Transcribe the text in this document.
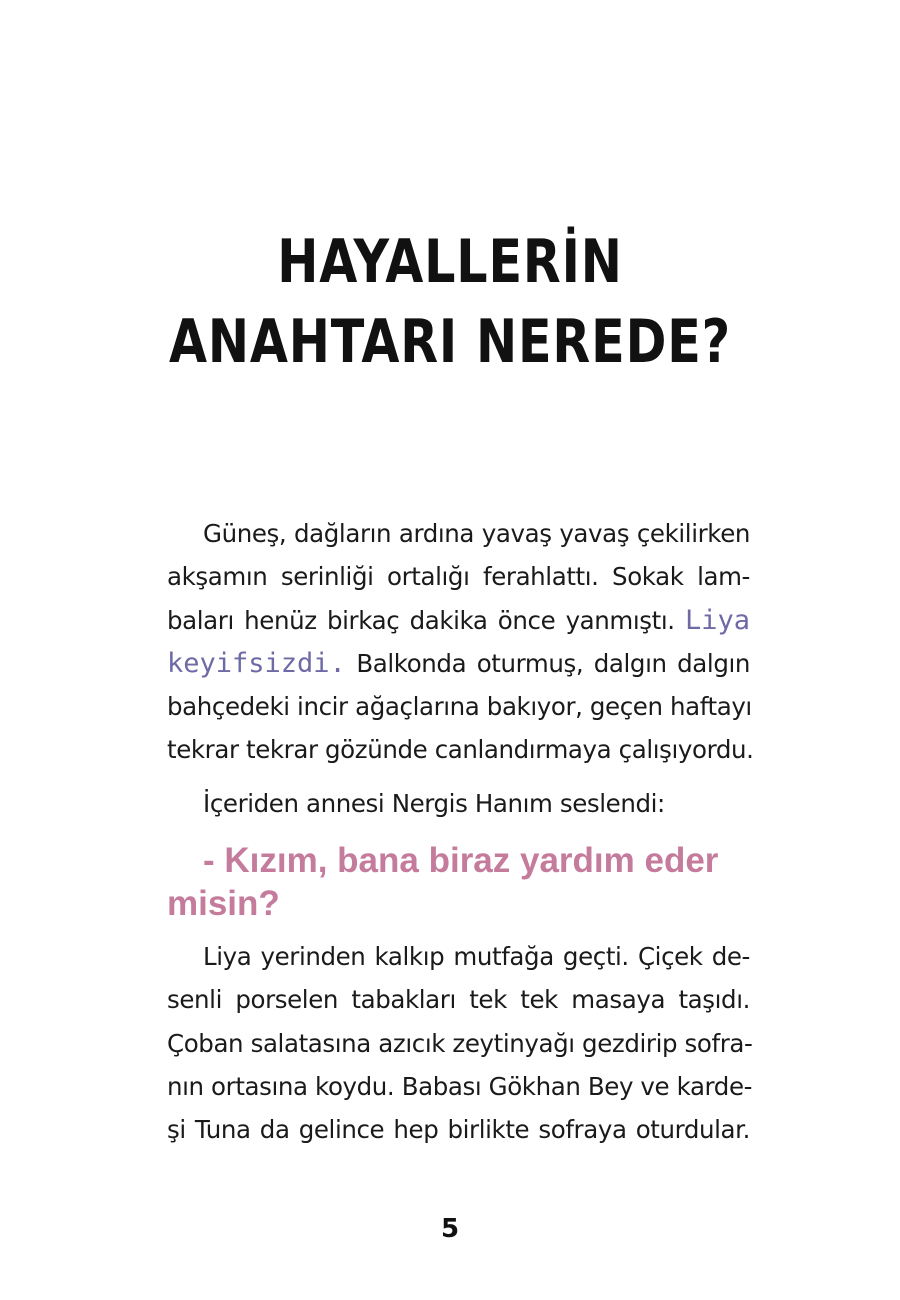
HAYALLERİN
ANAHTARI NEREDE?
Güneş, dağların ardına yavaş yavaş çekilirken
akşamın serinliği ortalığı ferahlattı. Sokak lam-
baları henüz birkaç dakika önce yanmıştı. Liya
keyifsizdi. Balkonda oturmuş, dalgın dalgın
bahçedeki incir ağaçlarına bakıyor, geçen haftayı
tekrar tekrar gözünde canlandırmaya çalışıyordu.
İçeriden annesi Nergis Hanım seslendi:
- Kızım, bana biraz yardım eder
misin?
Liya yerinden kalkıp mutfağa geçti. Çiçek de-
senli porselen tabakları tek tek masaya taşıdı.
Çoban salatasına azıcık zeytinyağı gezdirip sofra-
nın ortasına koydu. Babası Gökhan Bey ve karde-
şi Tuna da gelince hep birlikte sofraya oturdular.
5
